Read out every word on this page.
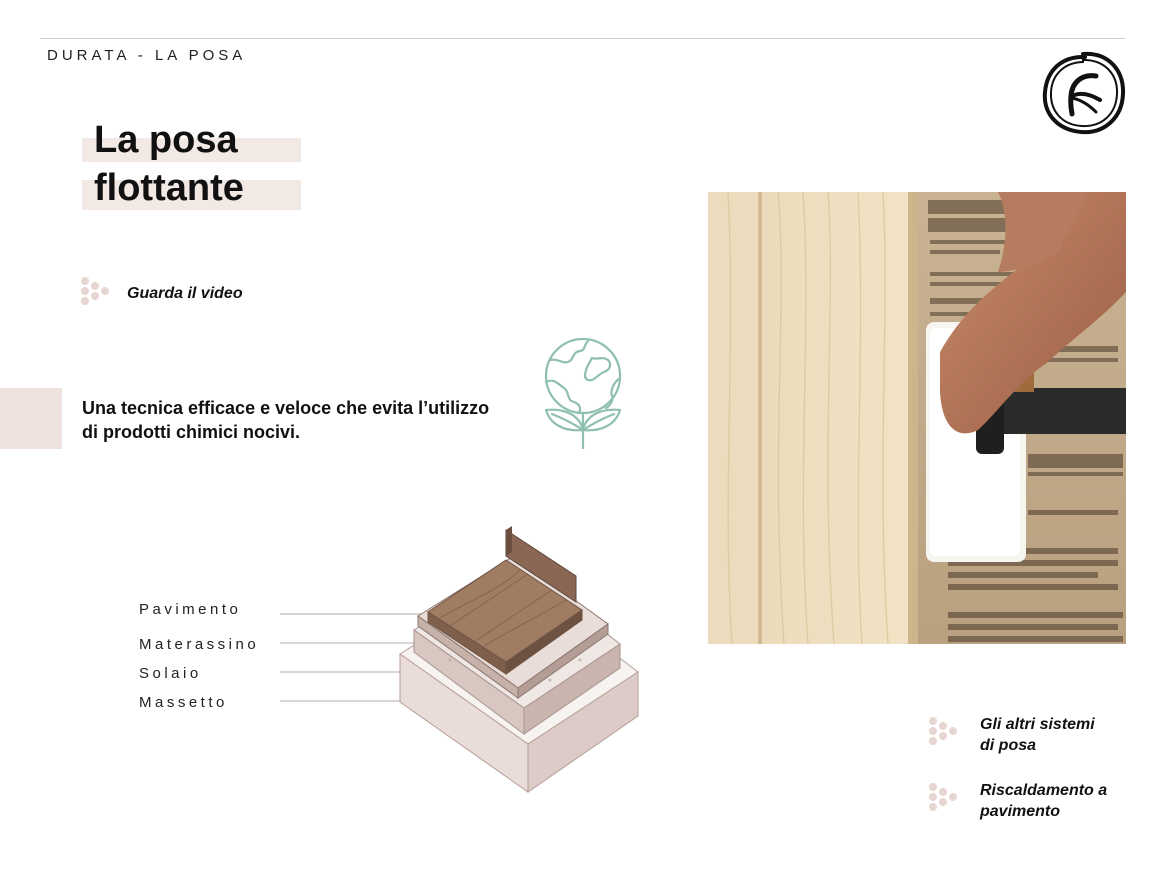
DURATA - LA POSA
La posa
flottante
Guarda il video
Una tecnica efficace e veloce che evita l’utilizzo di prodotti chimici nocivi.
Pavimento
Materassino
Solaio
Massetto
Gli altri sistemi
di posa
Riscaldamento a
pavimento
